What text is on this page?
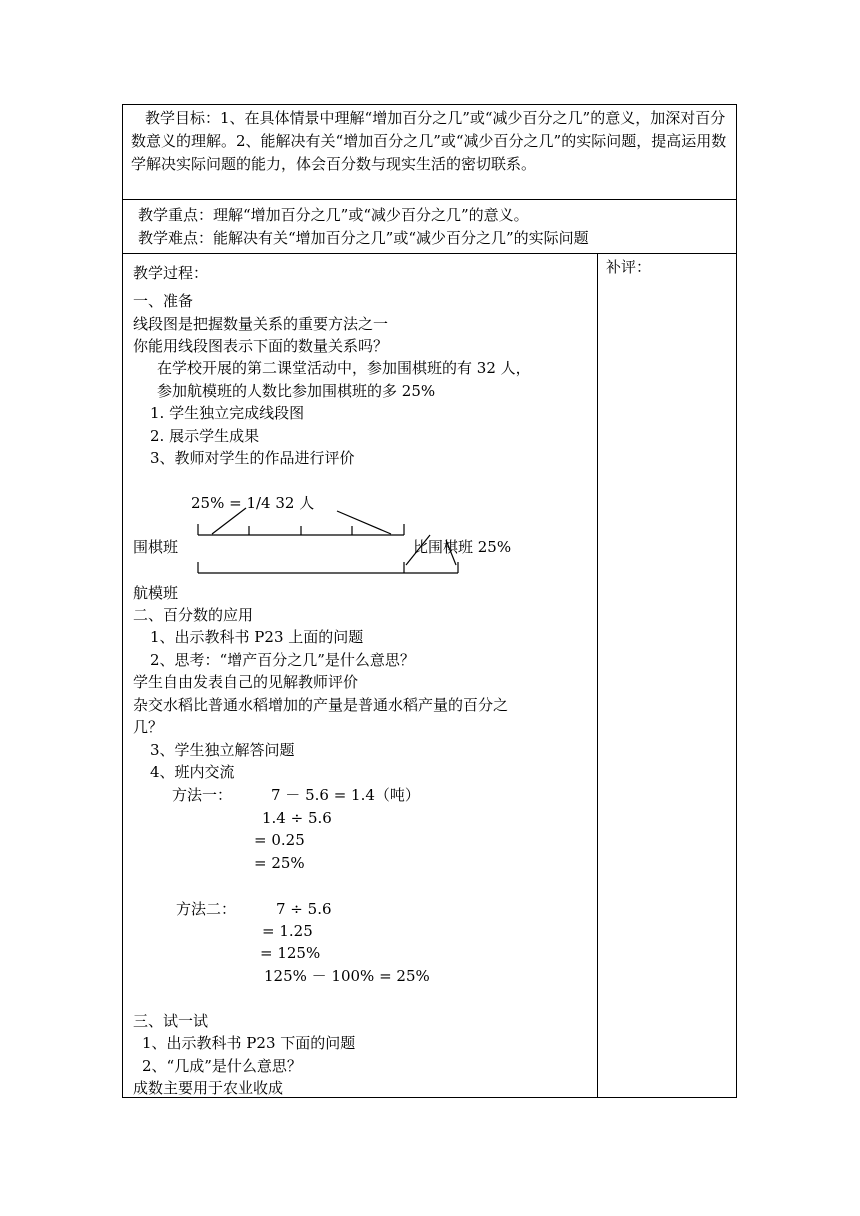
教学目标：1、在具体情景中理解“增加百分之几”或“减少百分之几”的意义，加深对百分数意义的理解。2、能解决有关“增加百分之几”或“减少百分之几”的实际问题，提高运用数学解决实际问题的能力，体会百分数与现实生活的密切联系。

教学重点：理解“增加百分之几”或“减少百分之几”的意义。
教学难点：能解决有关“增加百分之几”或“减少百分之几”的实际问题
补评：
教学过程：
一、准备
线段图是把握数量关系的重要方法之一
你能用线段图表示下面的数量关系吗？
在学校开展的第二课堂活动中，参加围棋班的有 32 人，
参加航模班的人数比参加围棋班的多 25%
1. 学生独立完成线段图
2. 展示学生成果
3、教师对学生的作品进行评价
25% = 1/4 32 人
围棋班	比围棋班 25%
航模班
二、百分数的应用
1、出示教科书 P23 上面的问题
2、思考：“增产百分之几”是什么意思？
学生自由发表自己的见解教师评价
杂交水稻比普通水稻增加的产量是普通水稻产量的百分之
几？
3、学生独立解答问题
4、班内交流
方法一：	7 － 5.6 = 1.4（吨）
1.4 ÷ 5.6
= 0.25
= 25%
方法二：	7 ÷ 5.6
= 1.25
= 125%
125% － 100% = 25%
三、试一试
1、出示教科书 P23 下面的问题
2、“几成”是什么意思？
成数主要用于农业收成
